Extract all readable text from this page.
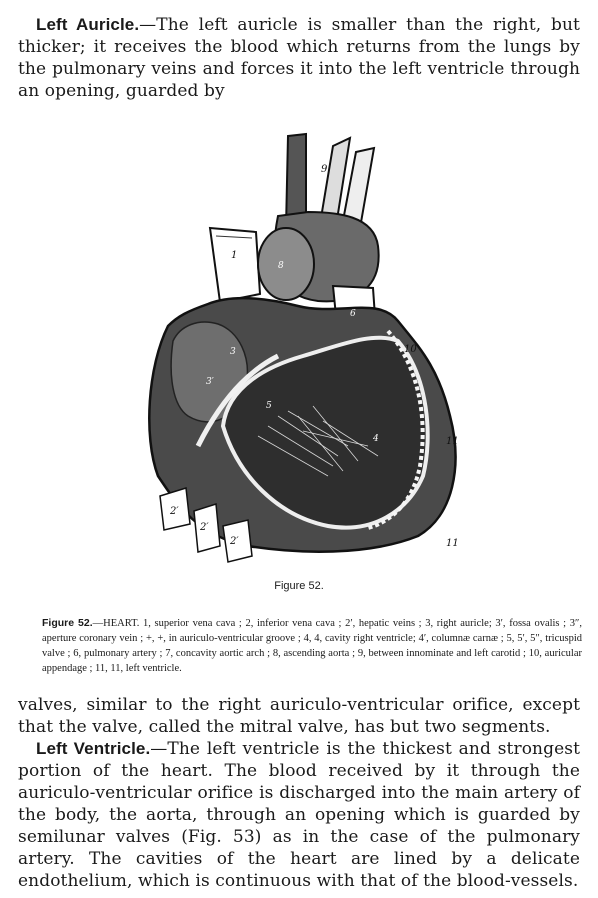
Left Auricle.—The left auricle is smaller than the right, but thicker; it receives the blood which returns from the lungs by the pulmonary veins and forces it into the left ventricle through an opening, guarded by

1
2′
2′
2′
3
3′
4
5
6
8
9
10
11
11
Figure 52.

Figure 52.—HEART. 1, superior vena cava ; 2, inferior vena cava ; 2′, hepatic veins ; 3, right auricle; 3′, fossa ovalis ; 3″, aperture coronary vein ; +, +, in auriculo-ventricular groove ; 4, 4, cavity right ventricle; 4′, columnæ carnæ ; 5, 5′, 5″, tricuspid valve ; 6, pulmonary artery ; 7, concavity aortic arch ; 8, ascending aorta ; 9, between innominate and left carotid ; 10, auricular appendage ; 11, 11, left ventricle.

valves, similar to the right auriculo-ventricular orifice, except that the valve, called the mitral valve, has but two segments.

Left Ventricle.—The left ventricle is the thickest and strongest portion of the heart. The blood received by it through the auriculo-ventricular orifice is discharged into the main artery of the body, the aorta, through an opening which is guarded by semilunar valves (Fig. 53) as in the case of the pulmonary artery. The cavities of the heart are lined by a delicate endothelium, which is continuous with that of the blood-vessels.
